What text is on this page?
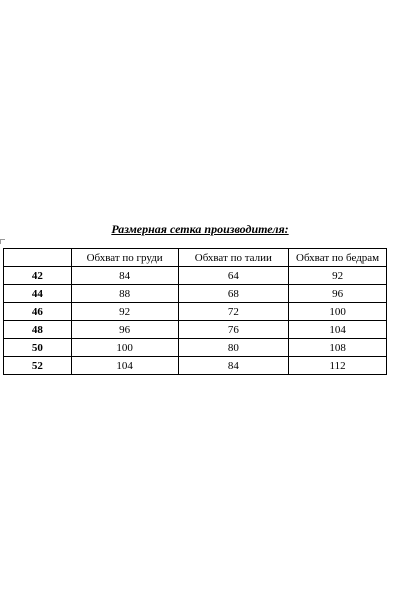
Размерная сетка производителя:
	Обхват по груди	Обхват по талии	Обхват по бедрам
42	84	64	92
44	88	68	96
46	92	72	100
48	96	76	104
50	100	80	108
52	104	84	112
